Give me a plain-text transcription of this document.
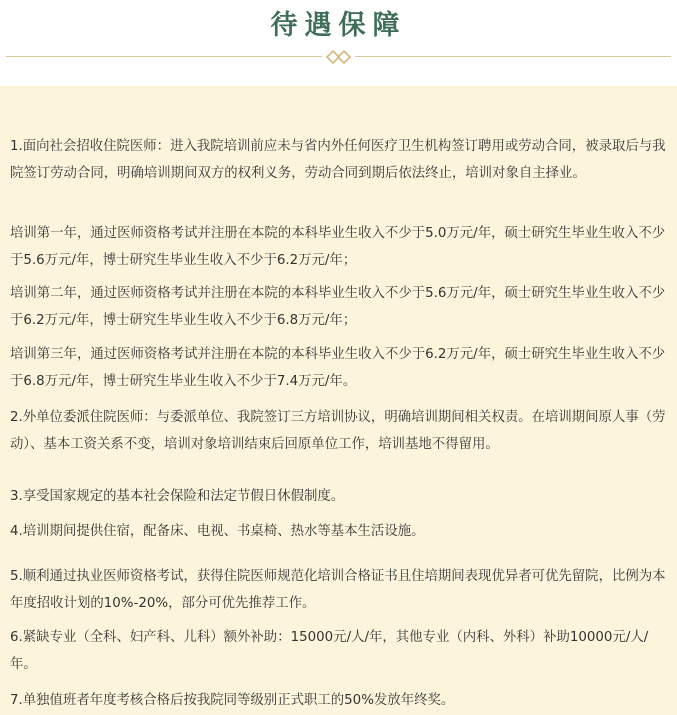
待遇保障

1.面向社会招收住院医师：进入我院培训前应未与省内外任何医疗卫生机构签订聘用或劳动合同，被录取后与我院签订劳动合同，明确培训期间双方的权利义务，劳动合同到期后依法终止，培训对象自主择业。

培训第一年，通过医师资格考试并注册在本院的本科毕业生收入不少于5.0万元/年，硕士研究生毕业生收入不少于5.6万元/年，博士研究生毕业生收入不少于6.2万元/年；

培训第二年，通过医师资格考试并注册在本院的本科毕业生收入不少于5.6万元/年，硕士研究生毕业生收入不少于6.2万元/年，博士研究生毕业生收入不少于6.8万元/年；

培训第三年，通过医师资格考试并注册在本院的本科毕业生收入不少于6.2万元/年，硕士研究生毕业生收入不少于6.8万元/年，博士研究生毕业生收入不少于7.4万元/年。

2.外单位委派住院医师：与委派单位、我院签订三方培训协议，明确培训期间相关权责。在培训期间原人事（劳动）、基本工资关系不变，培训对象培训结束后回原单位工作，培训基地不得留用。

3.享受国家规定的基本社会保险和法定节假日休假制度。

4.培训期间提供住宿，配备床、电视、书桌椅、热水等基本生活设施。

5.顺利通过执业医师资格考试，获得住院医师规范化培训合格证书且住培期间表现优异者可优先留院，比例为本年度招收计划的10%-20%，部分可优先推荐工作。

6.紧缺专业（全科、妇产科、儿科）额外补助：15000元/人/年，其他专业（内科、外科）补助10000元/人/年。

7.单独值班者年度考核合格后按我院同等级别正式职工的50%发放年终奖。
